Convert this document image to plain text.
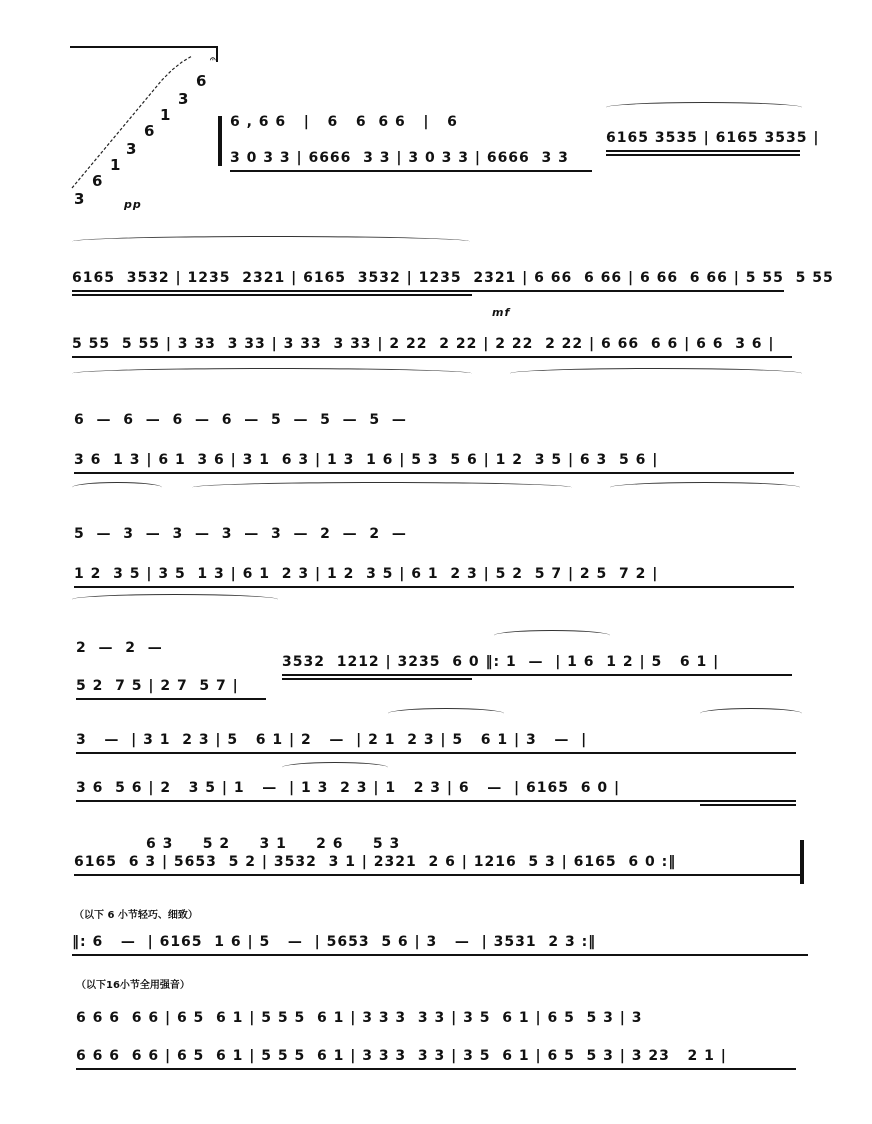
𝄐
3
6
1
3
6
1
3
6
pp
6 , 6 6   |   6   6  6 6   |   6
3 0 3 3 | 6666  3 3 | 3 0 3 3 | 6666  3 3
6165 3535 | 6165 3535 |
6165  3532 | 1235  2321 | 6165  3532 | 1235  2321 | 6 66  6 66 | 6 66  6 66 | 5 55  5 55
mf
5 55  5 55 | 3 33  3 33 | 3 33  3 33 | 2 22  2 22 | 2 22  2 22 | 6 66  6 6 | 6 6  3 6 |
6  —  6  —  6  —  6  —  5  —  5  —  5  —
3 6  1 3 | 6 1  3 6 | 3 1  6 3 | 1 3  1 6 | 5 3  5 6 | 1 2  3 5 | 6 3  5 6 |
5  —  3  —  3  —  3  —  3  —  2  —  2  —
1 2  3 5 | 3 5  1 3 | 6 1  2 3 | 1 2  3 5 | 6 1  2 3 | 5 2  5 7 | 2 5  7 2 |
2  —  2  —
5 2  7 5 | 2 7  5 7 |
3532  1212 | 3235  6 0 ‖: 1  —  | 1 6  1 2 | 5   6 1 |
3   —  | 3 1  2 3 | 5   6 1 | 2   —  | 2 1  2 3 | 5   6 1 | 3   —  |
3 6  5 6 | 2   3 5 | 1   —  | 1 3  2 3 | 1   2 3 | 6   —  | 6165  6 0 |
6 3     5 2     3 1     2 6     5 3
6165  6 3 | 5653  5 2 | 3532  3 1 | 2321  2 6 | 1216  5 3 | 6165  6 0 :‖
（以下 6 小节轻巧、细致）
‖: 6   —  | 6165  1 6 | 5   —  | 5653  5 6 | 3   —  | 3531  2 3 :‖
（以下16小节全用强音）
6 6 6  6 6 | 6 5  6 1 | 5 5 5  6 1 | 3 3 3  3 3 | 3 5  6 1 | 6 5  5 3 | 3
6 6 6  6 6 | 6 5  6 1 | 5 5 5  6 1 | 3 3 3  3 3 | 3 5  6 1 | 6 5  5 3 | 3 23   2 1 |
